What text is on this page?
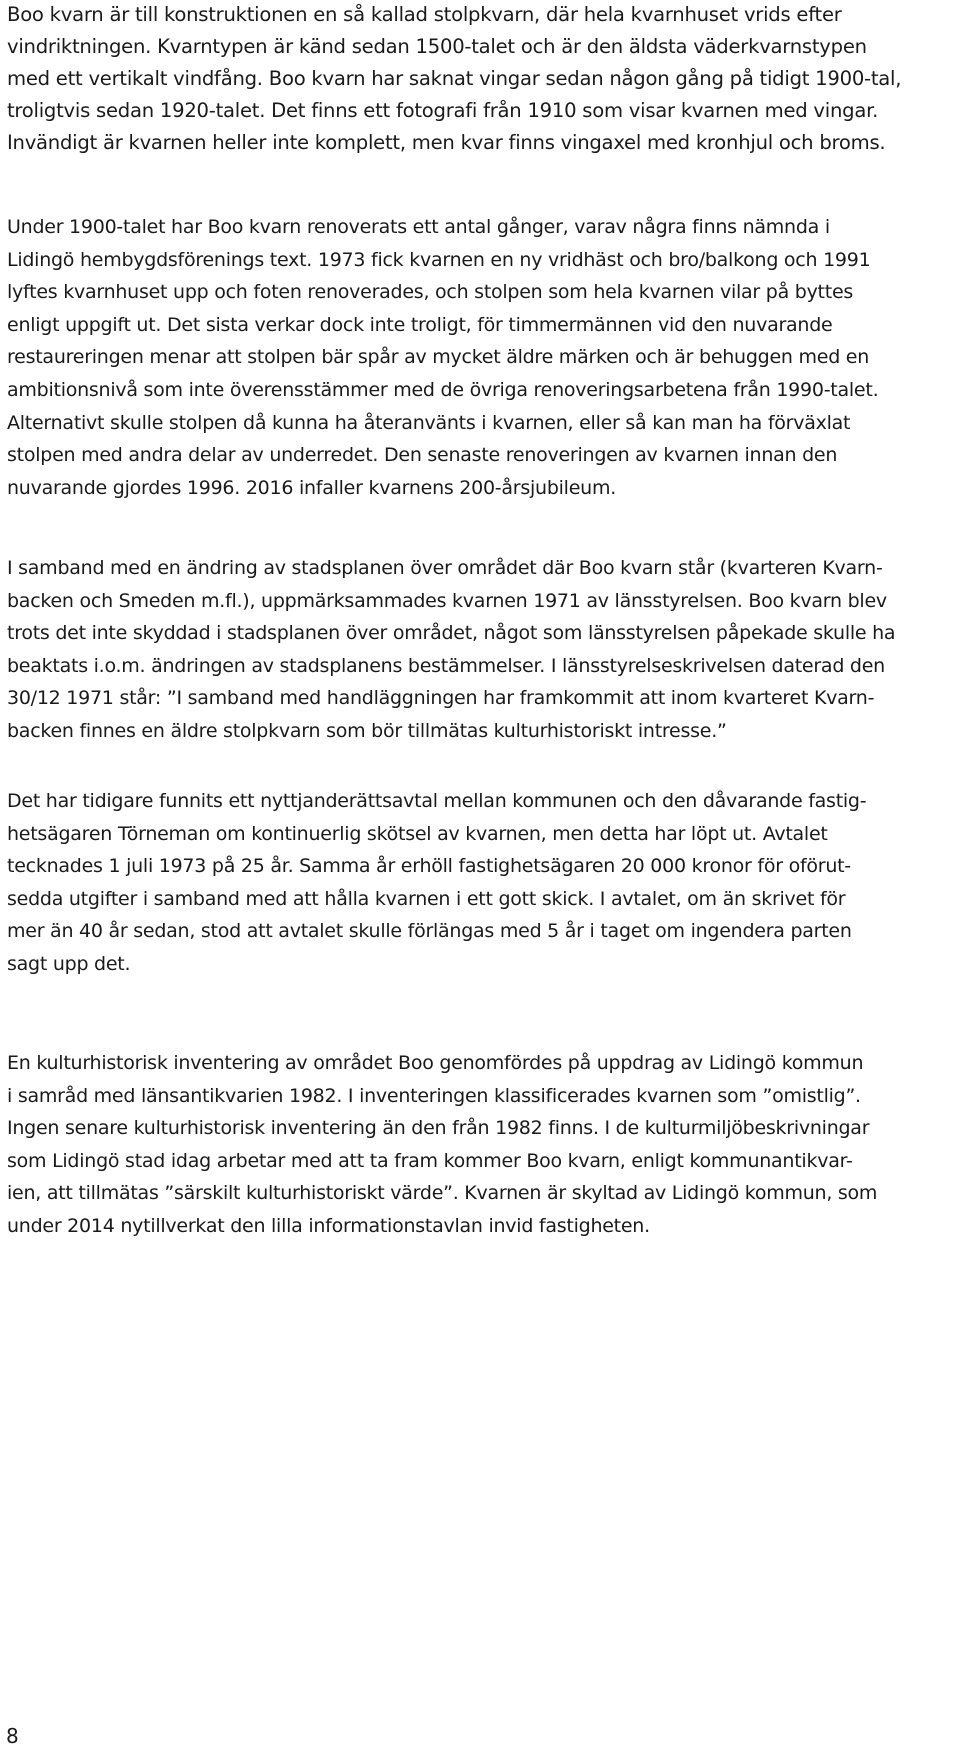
Boo kvarn är till konstruktionen en så kallad stolpkvarn, där hela kvarnhuset vrids efter
vindriktningen. Kvarntypen är känd sedan 1500-talet och är den äldsta väderkvarnstypen
med ett vertikalt vindfång. Boo kvarn har saknat vingar sedan någon gång på tidigt 1900-tal,
troligtvis sedan 1920-talet. Det finns ett fotografi från 1910 som visar kvarnen med vingar.
Invändigt är kvarnen heller inte komplett, men kvar finns vingaxel med kronhjul och broms.
Under 1900-talet har Boo kvarn renoverats ett antal gånger, varav några finns nämnda i
Lidingö hembygdsförenings text. 1973 fick kvarnen en ny vridhäst och bro/balkong och 1991
lyftes kvarnhuset upp och foten renoverades, och stolpen som hela kvarnen vilar på byttes
enligt uppgift ut. Det sista verkar dock inte troligt, för timmermännen vid den nuvarande
restaureringen menar att stolpen bär spår av mycket äldre märken och är behuggen med en
ambitionsnivå som inte överensstämmer med de övriga renoveringsarbetena från 1990-talet.
Alternativt skulle stolpen då kunna ha återanvänts i kvarnen, eller så kan man ha förväxlat
stolpen med andra delar av underredet. Den senaste renoveringen av kvarnen innan den
nuvarande gjordes 1996. 2016 infaller kvarnens 200-årsjubileum.
I samband med en ändring av stadsplanen över området där Boo kvarn står (kvarteren Kvarn-
backen och Smeden m.fl.), uppmärksammades kvarnen 1971 av länsstyrelsen. Boo kvarn blev
trots det inte skyddad i stadsplanen över området, något som länsstyrelsen påpekade skulle ha
beaktats i.o.m. ändringen av stadsplanens bestämmelser. I länsstyrelseskrivelsen daterad den
30/12 1971 står: ”I samband med handläggningen har framkommit att inom kvarteret Kvarn-
backen finnes en äldre stolpkvarn som bör tillmätas kulturhistoriskt intresse.”
Det har tidigare funnits ett nyttjanderättsavtal mellan kommunen och den dåvarande fastig-
hetsägaren Törneman om kontinuerlig skötsel av kvarnen, men detta har löpt ut. Avtalet
tecknades 1 juli 1973 på 25 år. Samma år erhöll fastighetsägaren 20 000 kronor för oförut-
sedda utgifter i samband med att hålla kvarnen i ett gott skick. I avtalet, om än skrivet för
mer än 40 år sedan, stod att avtalet skulle förlängas med 5 år i taget om ingendera parten
sagt upp det.
En kulturhistorisk inventering av området Boo genomfördes på uppdrag av Lidingö kommun
i samråd med länsantikvarien 1982. I inventeringen klassificerades kvarnen som ”omistlig”.
Ingen senare kulturhistorisk inventering än den från 1982 finns. I de kulturmiljöbeskrivningar
som Lidingö stad idag arbetar med att ta fram kommer Boo kvarn, enligt kommunantikvar-
ien, att tillmätas ”särskilt kulturhistoriskt värde”. Kvarnen är skyltad av Lidingö kommun, som
under 2014 nytillverkat den lilla informationstavlan invid fastigheten.
8
